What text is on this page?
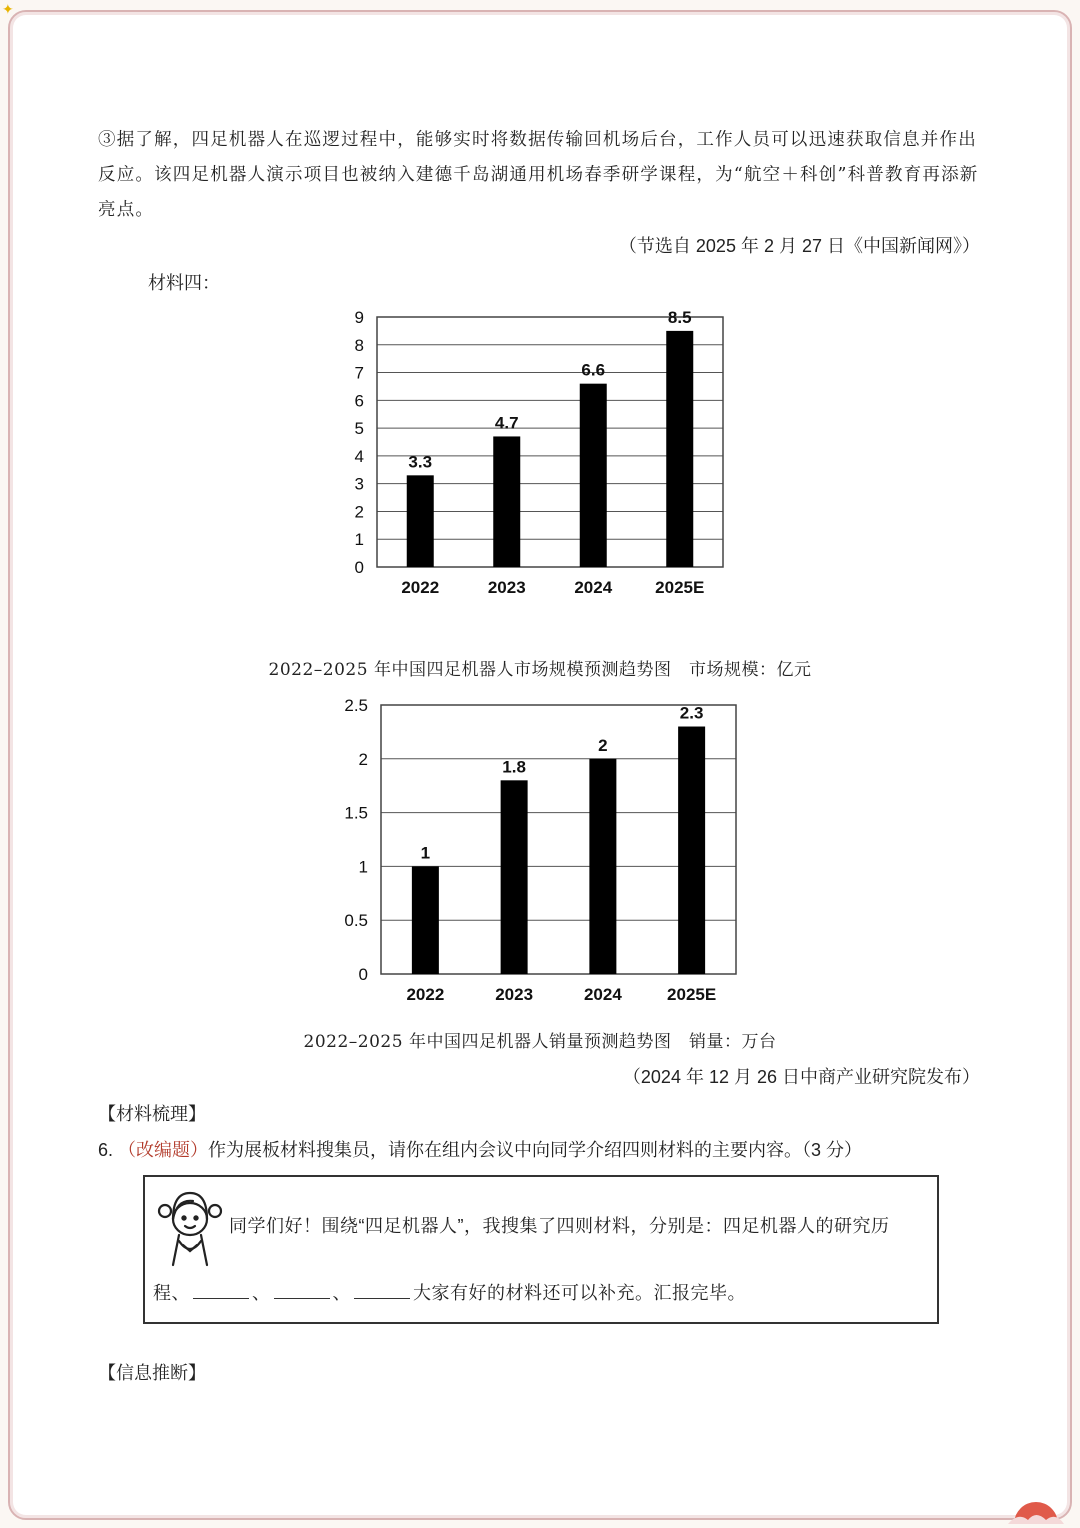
✦
③据了解，四足机器人在巡逻过程中，能够实时将数据传输回机场后台，工作人员可以迅速获取信息并作出反应。该四足机器人演示项目也被纳入建德千岛湖通用机场春季研学课程，为“航空＋科创”科普教育再添新亮点。
（节选自 2025 年 2 月 27 日《中国新闻网》）
材料四：
0
1
2
3
4
5
6
7
8
9
3.3
2022
4.7
2023
6.6
2024
8.5
2025E
2022–2025 年中国四足机器人市场规模预测趋势图　市场规模：亿元
0
0.5
1
1.5
2
2.5
1
2022
1.8
2023
2
2024
2.3
2025E
2022–2025 年中国四足机器人销量预测趋势图　销量：万台
（2024 年 12 月 26 日中商产业研究院发布）
【材料梳理】
6. （改编题）作为展板材料搜集员，请你在组内会议中向同学介绍四则材料的主要内容。（3 分）
同学们好！围绕“四足机器人”，我搜集了四则材料，分别是：四足机器人的研究历
程、	、	、	大家有好的材料还可以补充。汇报完毕。
【信息推断】
